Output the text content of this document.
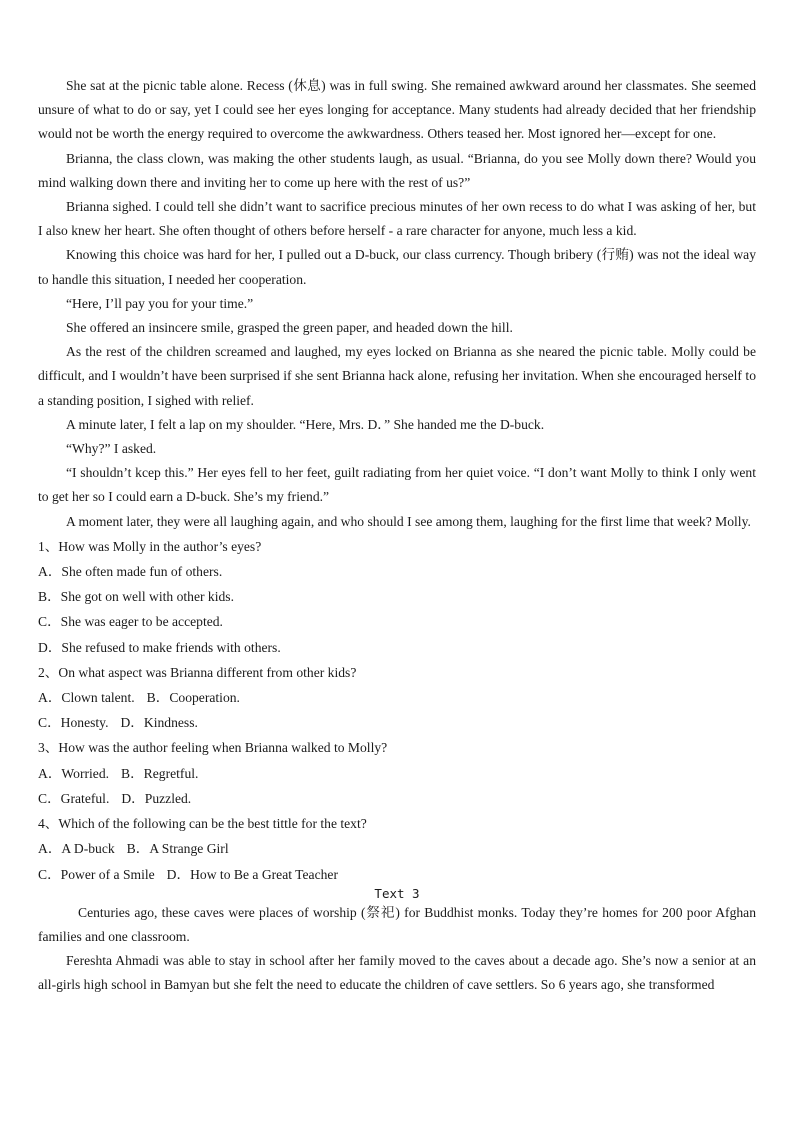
She sat at the picnic table alone. Recess (休息) was in full swing. She remained awkward around her classmates. She seemed unsure of what to do or say, yet I could see her eyes longing for acceptance. Many students had already decided that her friendship would not be worth the energy required to overcome the awkwardness. Others teased her. Most ignored her—except for one.

Brianna, the class clown, was making the other students laugh, as usual. “Brianna, do you see Molly down there? Would you mind walking down there and inviting her to come up here with the rest of us?”

Brianna sighed. I could tell she didn’t want to sacrifice precious minutes of her own recess to do what I was asking of her, but I also knew her heart. She often thought of others before herself - a rare character for anyone, much less a kid.

Knowing this choice was hard for her, I pulled out a D-buck, our class currency. Though bribery (行贿) was not the ideal way to handle this situation, I needed her cooperation.

“Here, I’ll pay you for your time.”

She offered an insincere smile, grasped the green paper, and headed down the hill.

As the rest of the children screamed and laughed, my eyes locked on Brianna as she neared the picnic table. Molly could be difficult, and I wouldn’t have been surprised if she sent Brianna hack alone, refusing her invitation. When she encouraged herself to a standing position, I sighed with relief.

A minute later, I felt a lap on my shoulder. “Here, Mrs. D．” She handed me the D-buck.

“Why?” I asked.

“I shouldn’t kcep this.” Her eyes fell to her feet, guilt radiating from her quiet voice. “I don’t want Molly to think I only went to get her so I could earn a D-buck. She’s my friend.”

A moment later, they were all laughing again, and who should I see among them, laughing for the first lime that week? Molly.

1、How was Molly in the author’s eyes?

A．She often made fun of others.

B．She got on well with other kids.

C．She was eager to be accepted.

D．She refused to make friends with others.

2、On what aspect was Brianna different from other kids?

A．Clown talent. B．Cooperation.

C．Honesty. D．Kindness.

3、How was the author feeling when Brianna walked to Molly?

A．Worried. B．Regretful.

C．Grateful. D．Puzzled.

4、Which of the following can be the best tittle for the text?

A．A D-buck B．A Strange Girl

C．Power of a Smile D．How to Be a Great Teacher

Text 3

Centuries ago, these caves were places of worship (祭祀) for Buddhist monks. Today they’re homes for 200 poor Afghan families and one classroom.

Fereshta Ahmadi was able to stay in school after her family moved to the caves about a decade ago. She’s now a senior at an all-girls high school in Bamyan but she felt the need to educate the children of cave settlers. So 6 years ago, she transformed
